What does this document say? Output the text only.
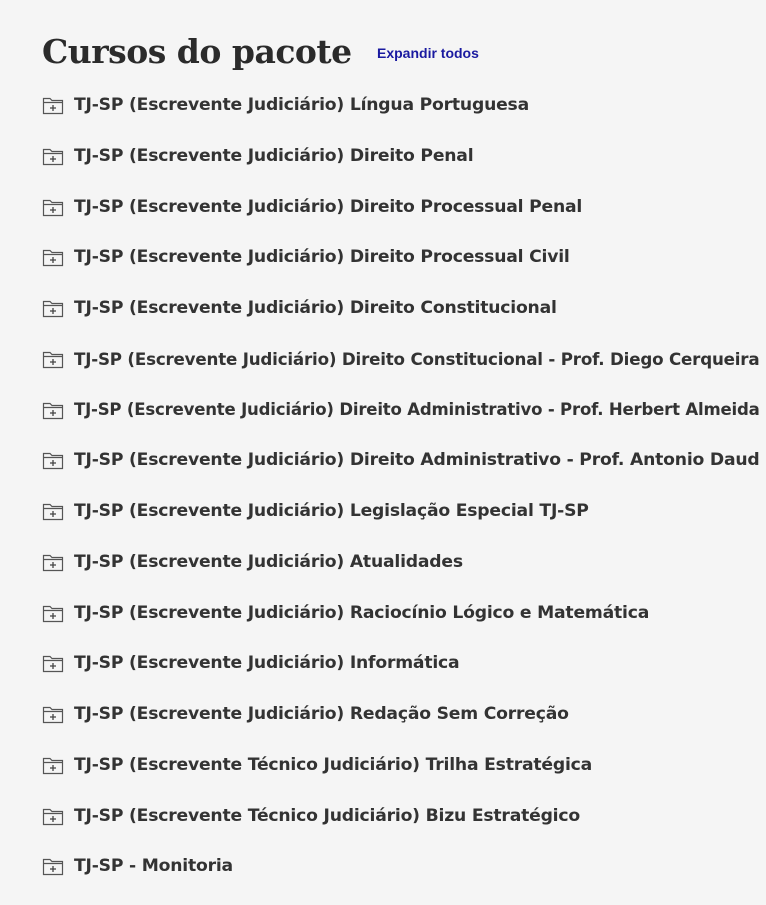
Cursos do pacote Expandir todos
TJ-SP (Escrevente Judiciário) Língua Portuguesa
TJ-SP (Escrevente Judiciário) Direito Penal
TJ-SP (Escrevente Judiciário) Direito Processual Penal
TJ-SP (Escrevente Judiciário) Direito Processual Civil
TJ-SP (Escrevente Judiciário) Direito Constitucional
TJ-SP (Escrevente Judiciário) Direito Constitucional - Prof. Diego Cerqueira
TJ-SP (Escrevente Judiciário) Direito Administrativo - Prof. Herbert Almeida
TJ-SP (Escrevente Judiciário) Direito Administrativo - Prof. Antonio Daud
TJ-SP (Escrevente Judiciário) Legislação Especial TJ-SP
TJ-SP (Escrevente Judiciário) Atualidades
TJ-SP (Escrevente Judiciário) Raciocínio Lógico e Matemática
TJ-SP (Escrevente Judiciário) Informática
TJ-SP (Escrevente Judiciário) Redação Sem Correção
TJ-SP (Escrevente Técnico Judiciário) Trilha Estratégica
TJ-SP (Escrevente Técnico Judiciário) Bizu Estratégico
TJ-SP - Monitoria
